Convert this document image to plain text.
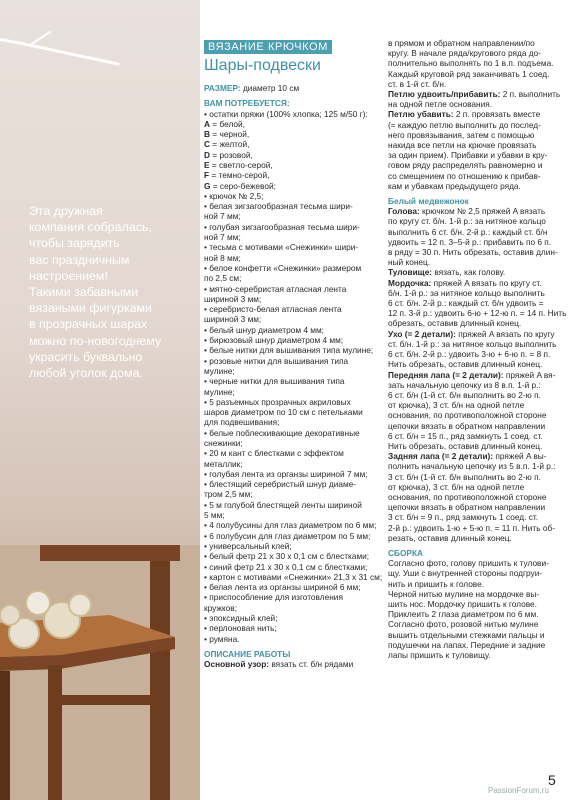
Эта дружная
компания собралась,
чтобы зарядить
вас праздничным
настроением!
Такими забавными
вязаными фигурками
в прозрачных шарах
можно по-новогоднему
украсить буквально
любой уголок дома.
ВЯЗАНИЕ КРЮЧКОМ
Шары-подвески
РАЗМЕР: диаметр 10 см
ВАМ ПОТРЕБУЕТСЯ:
• остатки пряжи (100% хлопка; 125 м/50 г):
A = белой,
B = черной,
C = желтой,
D = розовой,
E = светло-серой,
F = темно-серой,
G = серо-бежевой;
• крючок № 2,5;
• белая зигзагообразная тесьма шири-
ной 7 мм;
• голубая зигзагообразная тесьма шири-
ной 7 мм;
• тесьма с мотивами «Снежинки» шири-
ной 8 мм;
• белое конфетти «Снежинки» размером
по 2,5 см;
• мятно-серебристая атласная лента
шириной 3 мм;
• серебристо-белая атласная лента
шириной 3 мм;
• белый шнур диаметром 4 мм;
• бирюзовый шнур диаметром 4 мм;
• белые нитки для вышивания типа мулине;
• розовые нитки для вышивания типа
мулине;
• черные нитки для вышивания типа
мулине;
• 5 разъемных прозрачных акриловых
шаров диаметром по 10 см с петельками
для подвешивания;
• белые поблескивающие декоративные
снежинки;
• 20 м кант с блестками с эффектом
металлик;
• голубая лента из органзы шириной 7 мм;
• блестящий серебристый шнур диаме-
тром 2,5 мм;
• 5 м голубой блестящей ленты шириной
5 мм;
• 4 полубусины для глаз диаметром по 6 мм;
• 6 полубусин для глаз диаметром по 5 мм;
• универсальный клей;
• белый фетр 21 х 30 х 0,1 см с блестками;
• синий фетр 21 х 30 х 0,1 см с блестками;
• картон с мотивами «Снежинки» 21,3 х 31 см;
• белая лента из органзы шириной 6 мм;
• приспособление для изготовления
кружков;
• эпоксидный клей;
• перлоновая нить;
• румяна.
ОПИСАНИЕ РАБОТЫ
Основной узор: вязать ст. б/н рядами
в прямом и обратном направлении/по
кругу. В начале ряда/кругового ряда до-
полнительно выполнять по 1 в.п. подъема.
Каждый круговой ряд заканчивать 1 соед.
ст. в 1-й ст. б/н.
Петлю удвоить/прибавить: 2 п. выполнить
на одной петле основания.
Петлю убавить: 2 п. провязать вместе
(= каждую петлю выполнить до послед-
него провязывания, затем с помощью
накида все петли на крючке провязать
за один прием). Прибавки и убавки в кру-
говом ряду распределять равномерно и
со смещением по отношению к прибав-
кам и убавкам предыдущего ряда.
Белый медвежонок
Голова: крючком № 2,5 пряжей A вязать
по кругу ст. б/н. 1-й р.: за нитяное кольцо
выполнить 6 ст. б/н. 2-й р.: каждый ст. б/н
удвоить = 12 п. 3–5-й р.: прибавить по 6 п.
в ряду = 30 п. Нить обрезать, оставив длин-
ный конец.
Туловище: вязать, как голову.
Мордочка: пряжей A вязать по кругу ст.
б/н. 1-й р.: за нитяное кольцо выполнить
6 ст. б/н. 2-й р.: каждый ст. б/н удвоить =
12 п. 3-й р.: удвоить 6-ю + 12-ю п. = 14 п. Нить
обрезать, оставив длинный конец.
Ухо (= 2 детали): пряжей A вязать по кругу
ст. б/н. 1-й р.: за нитяное кольцо выполнить
6 ст. б/н. 2-й р.: удвоить 3-ю + 6-ю п. = 8 п.
Нить обрезать, оставив длинный конец.
Передняя лапа (= 2 детали): пряжей A вя-
зать начальную цепочку из 8 в.п. 1-й р.:
6 ст. б/н (1-й ст. б/н выполнить во 2-ю п.
от крючка), 3 ст. б/н на одной петле
основания, по противоположной стороне
цепочки вязать в обратном направлении
6 ст. б/н = 15 п., ряд замкнуть 1 соед. ст.
Нить обрезать, оставив длинный конец.
Задняя лапа (= 2 детали): пряжей A вы-
полнить начальную цепочку из 5 в.п. 1-й р.:
3 ст. б/н (1-й ст. б/н выполнить во 2-ю п.
от крючка), 3 ст. б/н на одной петле
основания, по противоположной стороне
цепочки вязать в обратном направлении
3 ст. б/н = 9 п., ряд замкнуть 1 соед. ст.
2-й р.: удвоить 1-ю + 5-ю п. = 11 п. Нить об-
резать, оставив длинный конец.
СБОРКА
Согласно фото, голову пришить к тулови-
щу. Уши с внутренней стороны подгруи-
нить и пришить к голове.
Черной нитью мулине на мордочке вы-
шить нос. Мордочку пришить к голове.
Приклеить 2 глаза диаметром по 6 мм.
Согласно фото, розовой нитью мулине
вышить отдельными стежками пальцы и
подушечки на лапах. Передние и задние
лапы пришить к туловищу.
5
PassionForum.ru
